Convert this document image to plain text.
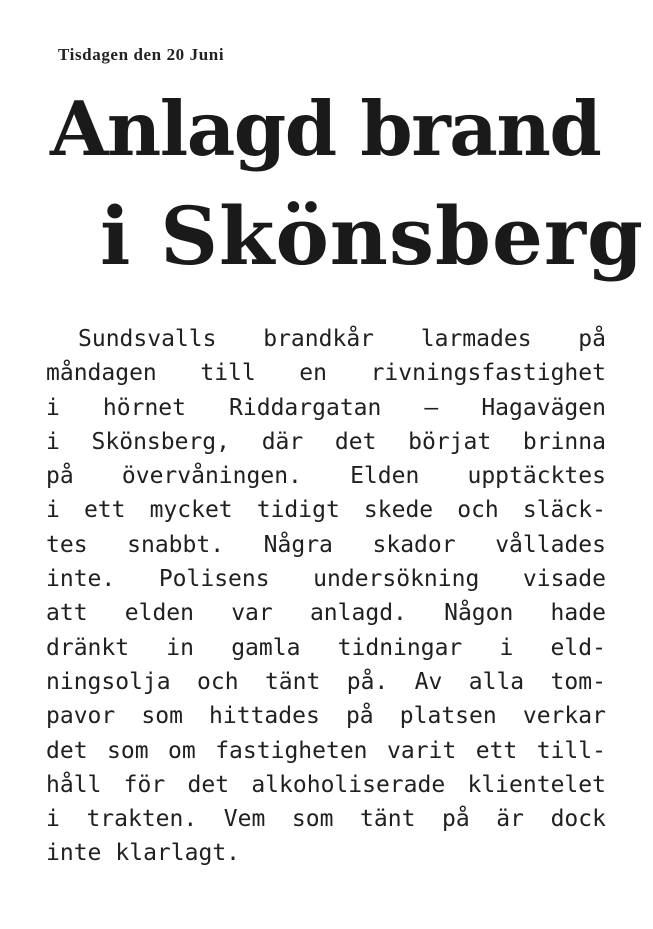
Tisdagen den 20 Juni
Anlagd brand
i Skönsberg
Sundsvalls brandkår larmades på
måndagen till en rivningsfastighet
i hörnet Riddargatan — Hagavägen
i Skönsberg, där det börjat brinna
på övervåningen. Elden upptäcktes
i ett mycket tidigt skede och släck-
tes snabbt. Några skador vållades
inte. Polisens undersökning visade
att elden var anlagd. Någon hade
dränkt in gamla tidningar i eld-
ningsolja och tänt på. Av alla tom-
pavor som hittades på platsen verkar
det som om fastigheten varit ett till-
håll för det alkoholiserade klientelet
i trakten. Vem som tänt på är dock
inte klarlagt.
